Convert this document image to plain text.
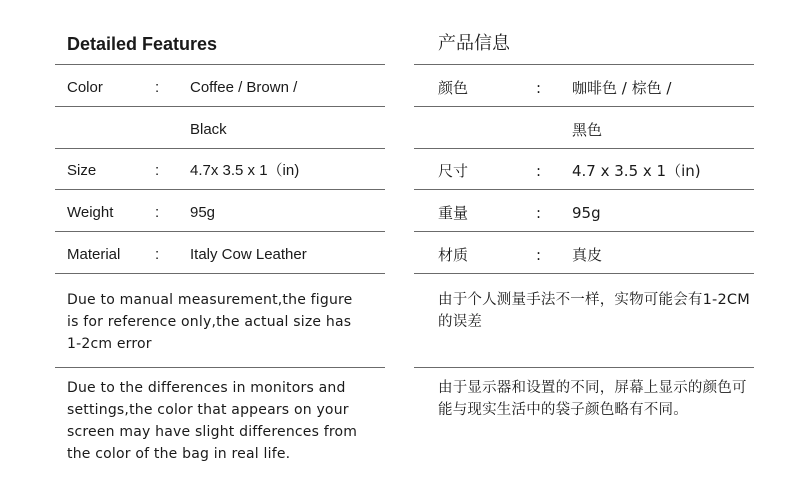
Detailed Features
Color	: Coffee / Brown /
Black
Size	: 4.7x 3.5 x 1（in)
Weight	: 95g
Material : Italy Cow Leather
Due to manual measurement,the figure is for reference only,the actual size has 1-2cm error
Due to the differences in monitors and settings,the color that appears on your screen may have slight differences from the color of the bag in real life.
产品信息
颜色	: 咖啡色 / 棕色 /
黑色
尺寸	: 4.7 x 3.5 x 1（in)
重量	: 95g
材质	: 真皮
由于个人测量手法不一样，实物可能会有1-2CM的误差
由于显示器和设置的不同，屏幕上显示的颜色可能与现实生活中的袋子颜色略有不同。
